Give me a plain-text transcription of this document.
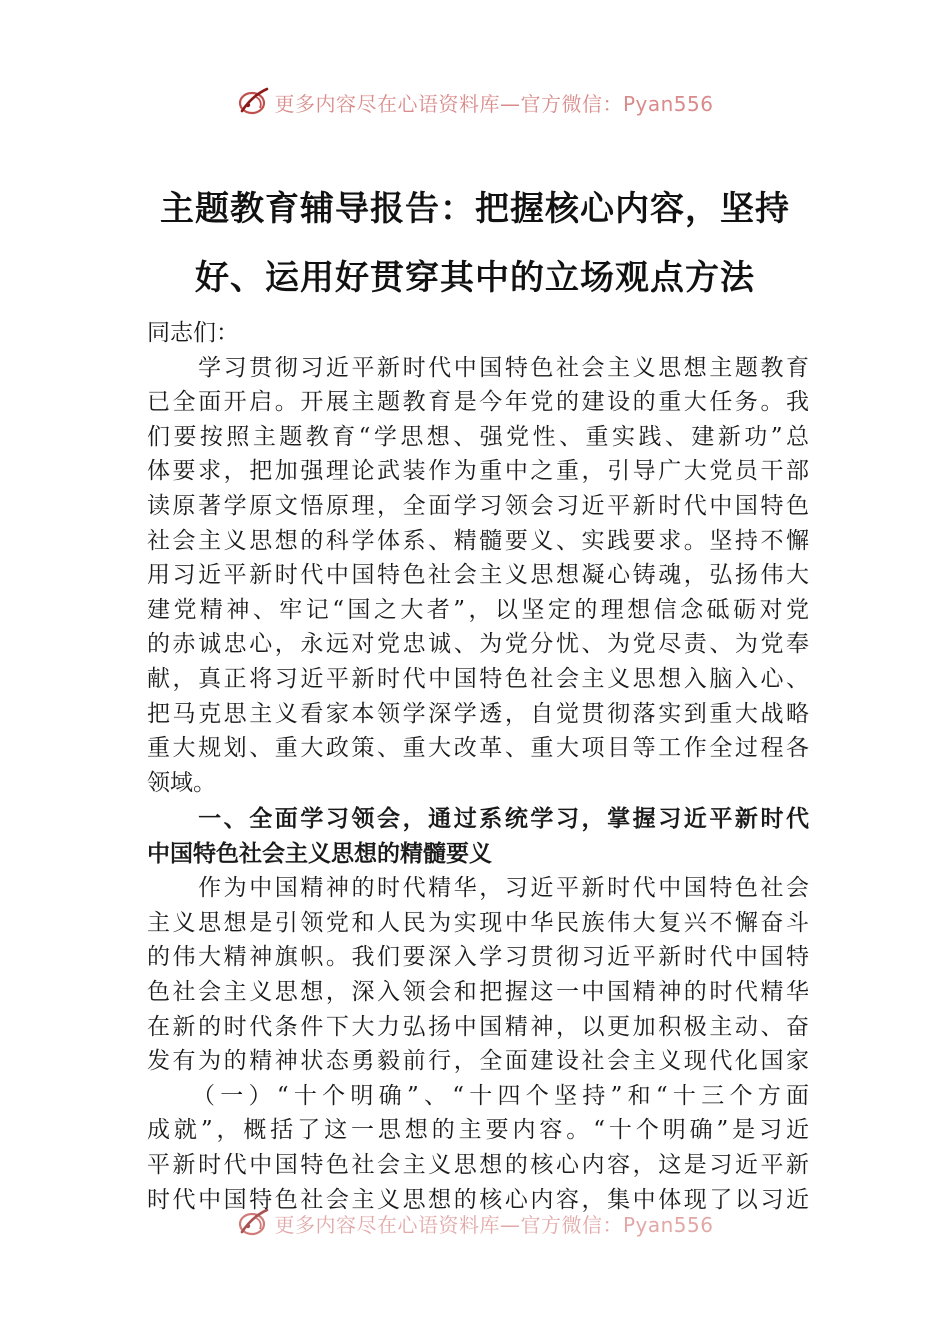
更多内容尽在心语资料库—官方微信：Pyan556
主题教育辅导报告：把握核心内容，坚持
好、运用好贯穿其中的立场观点方法
同志们：
　　学习贯彻习近平新时代中国特色社会主义思想主题教育
已全面开启。开展主题教育是今年党的建设的重大任务。我
们要按照主题教育“学思想、强党性、重实践、建新功”总
体要求，把加强理论武装作为重中之重，引导广大党员干部
读原著学原文悟原理，全面学习领会习近平新时代中国特色
社会主义思想的科学体系、精髓要义、实践要求。坚持不懈
用习近平新时代中国特色社会主义思想凝心铸魂，弘扬伟大
建党精神、牢记“国之大者”，以坚定的理想信念砥砺对党
的赤诚忠心，永远对党忠诚、为党分忧、为党尽责、为党奉
献，真正将习近平新时代中国特色社会主义思想入脑入心、
把马克思主义看家本领学深学透，自觉贯彻落实到重大战略
重大规划、重大政策、重大改革、重大项目等工作全过程各
领域。
　　一、全面学习领会，通过系统学习，掌握习近平新时代
中国特色社会主义思想的精髓要义
　　作为中国精神的时代精华，习近平新时代中国特色社会
主义思想是引领党和人民为实现中华民族伟大复兴不懈奋斗
的伟大精神旗帜。我们要深入学习贯彻习近平新时代中国特
色社会主义思想，深入领会和把握这一中国精神的时代精华
在新的时代条件下大力弘扬中国精神，以更加积极主动、奋
发有为的精神状态勇毅前行，全面建设社会主义现代化国家
　　（一）“十个明确”、“十四个坚持”和“十三个方面
成就”，概括了这一思想的主要内容。“十个明确”是习近
平新时代中国特色社会主义思想的核心内容，这是习近平新
时代中国特色社会主义思想的核心内容，集中体现了以习近
更多内容尽在心语资料库—官方微信：Pyan556
